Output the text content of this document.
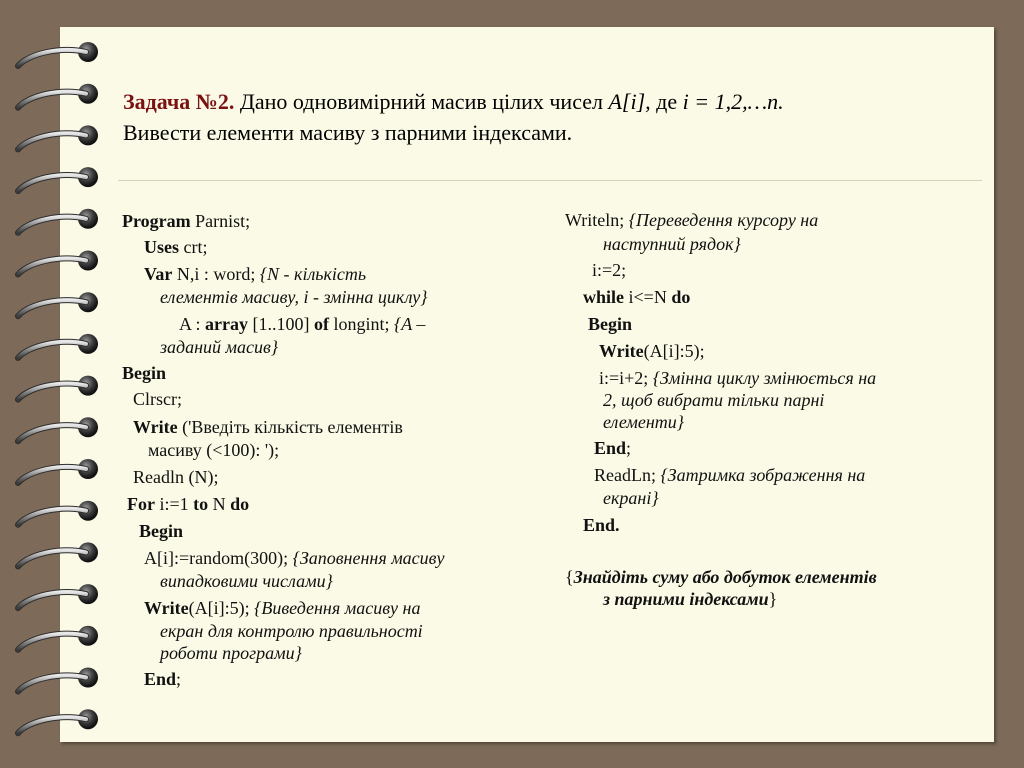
Задача №2. Дано одновимірний масив цілих чисел A[i], де i = 1,2,…n.
Вивести елементи масиву з парними індексами.
Program Parnist;
Uses crt;
Var N,i : word; {N - кількість
елементів масиву, i - змінна циклу}
A : array [1..100] of longint; {A –
заданий масив}
Begin
Clrscr;
Write ('Введіть кількість елементів
масиву (<100): ');
Readln (N);
For i:=1 to N do
Begin
A[i]:=random(300); {Заповнення масиву
випадковими числами}
Write(A[i]:5); {Виведення масиву на
екран для контролю правильності
роботи програми}
End;
Writeln; {Переведення курсору на
наступний рядок}
i:=2;
while i<=N do
Begin
Write(A[i]:5);
i:=i+2; {Змінна циклу змінюється на
2, щоб вибрати тільки парні
елементи}
End;
ReadLn; {Затримка зображення на
екрані}
End.
{Знайдіть суму або добуток елементів
з парними індексами}
